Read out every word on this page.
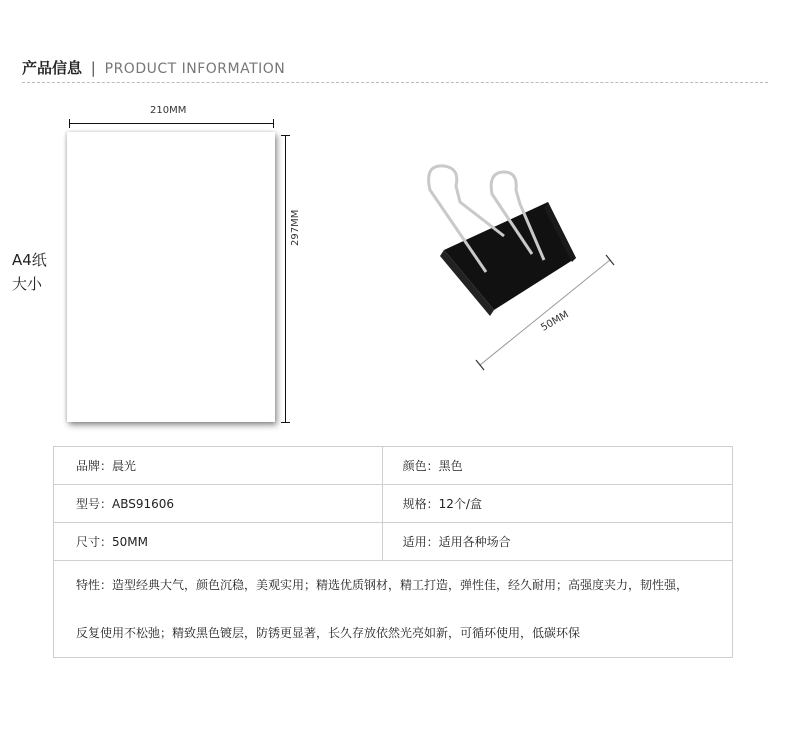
产品信息 | PRODUCT INFORMATION
A4纸
大小
210MM
297MM
50MM
品牌：晨光	颜色：黑色
型号：ABS91606	规格：12个/盒
尺寸：50MM	适用：适用各种场合

特性：造型经典大气，颜色沉稳，美观实用；精选优质钢材，精工打造，弹性佳，经久耐用；高强度夹力，韧性强，
反复使用不松弛；精致黑色镀层，防锈更显著，长久存放依然光亮如新，可循环使用，低碳环保	
